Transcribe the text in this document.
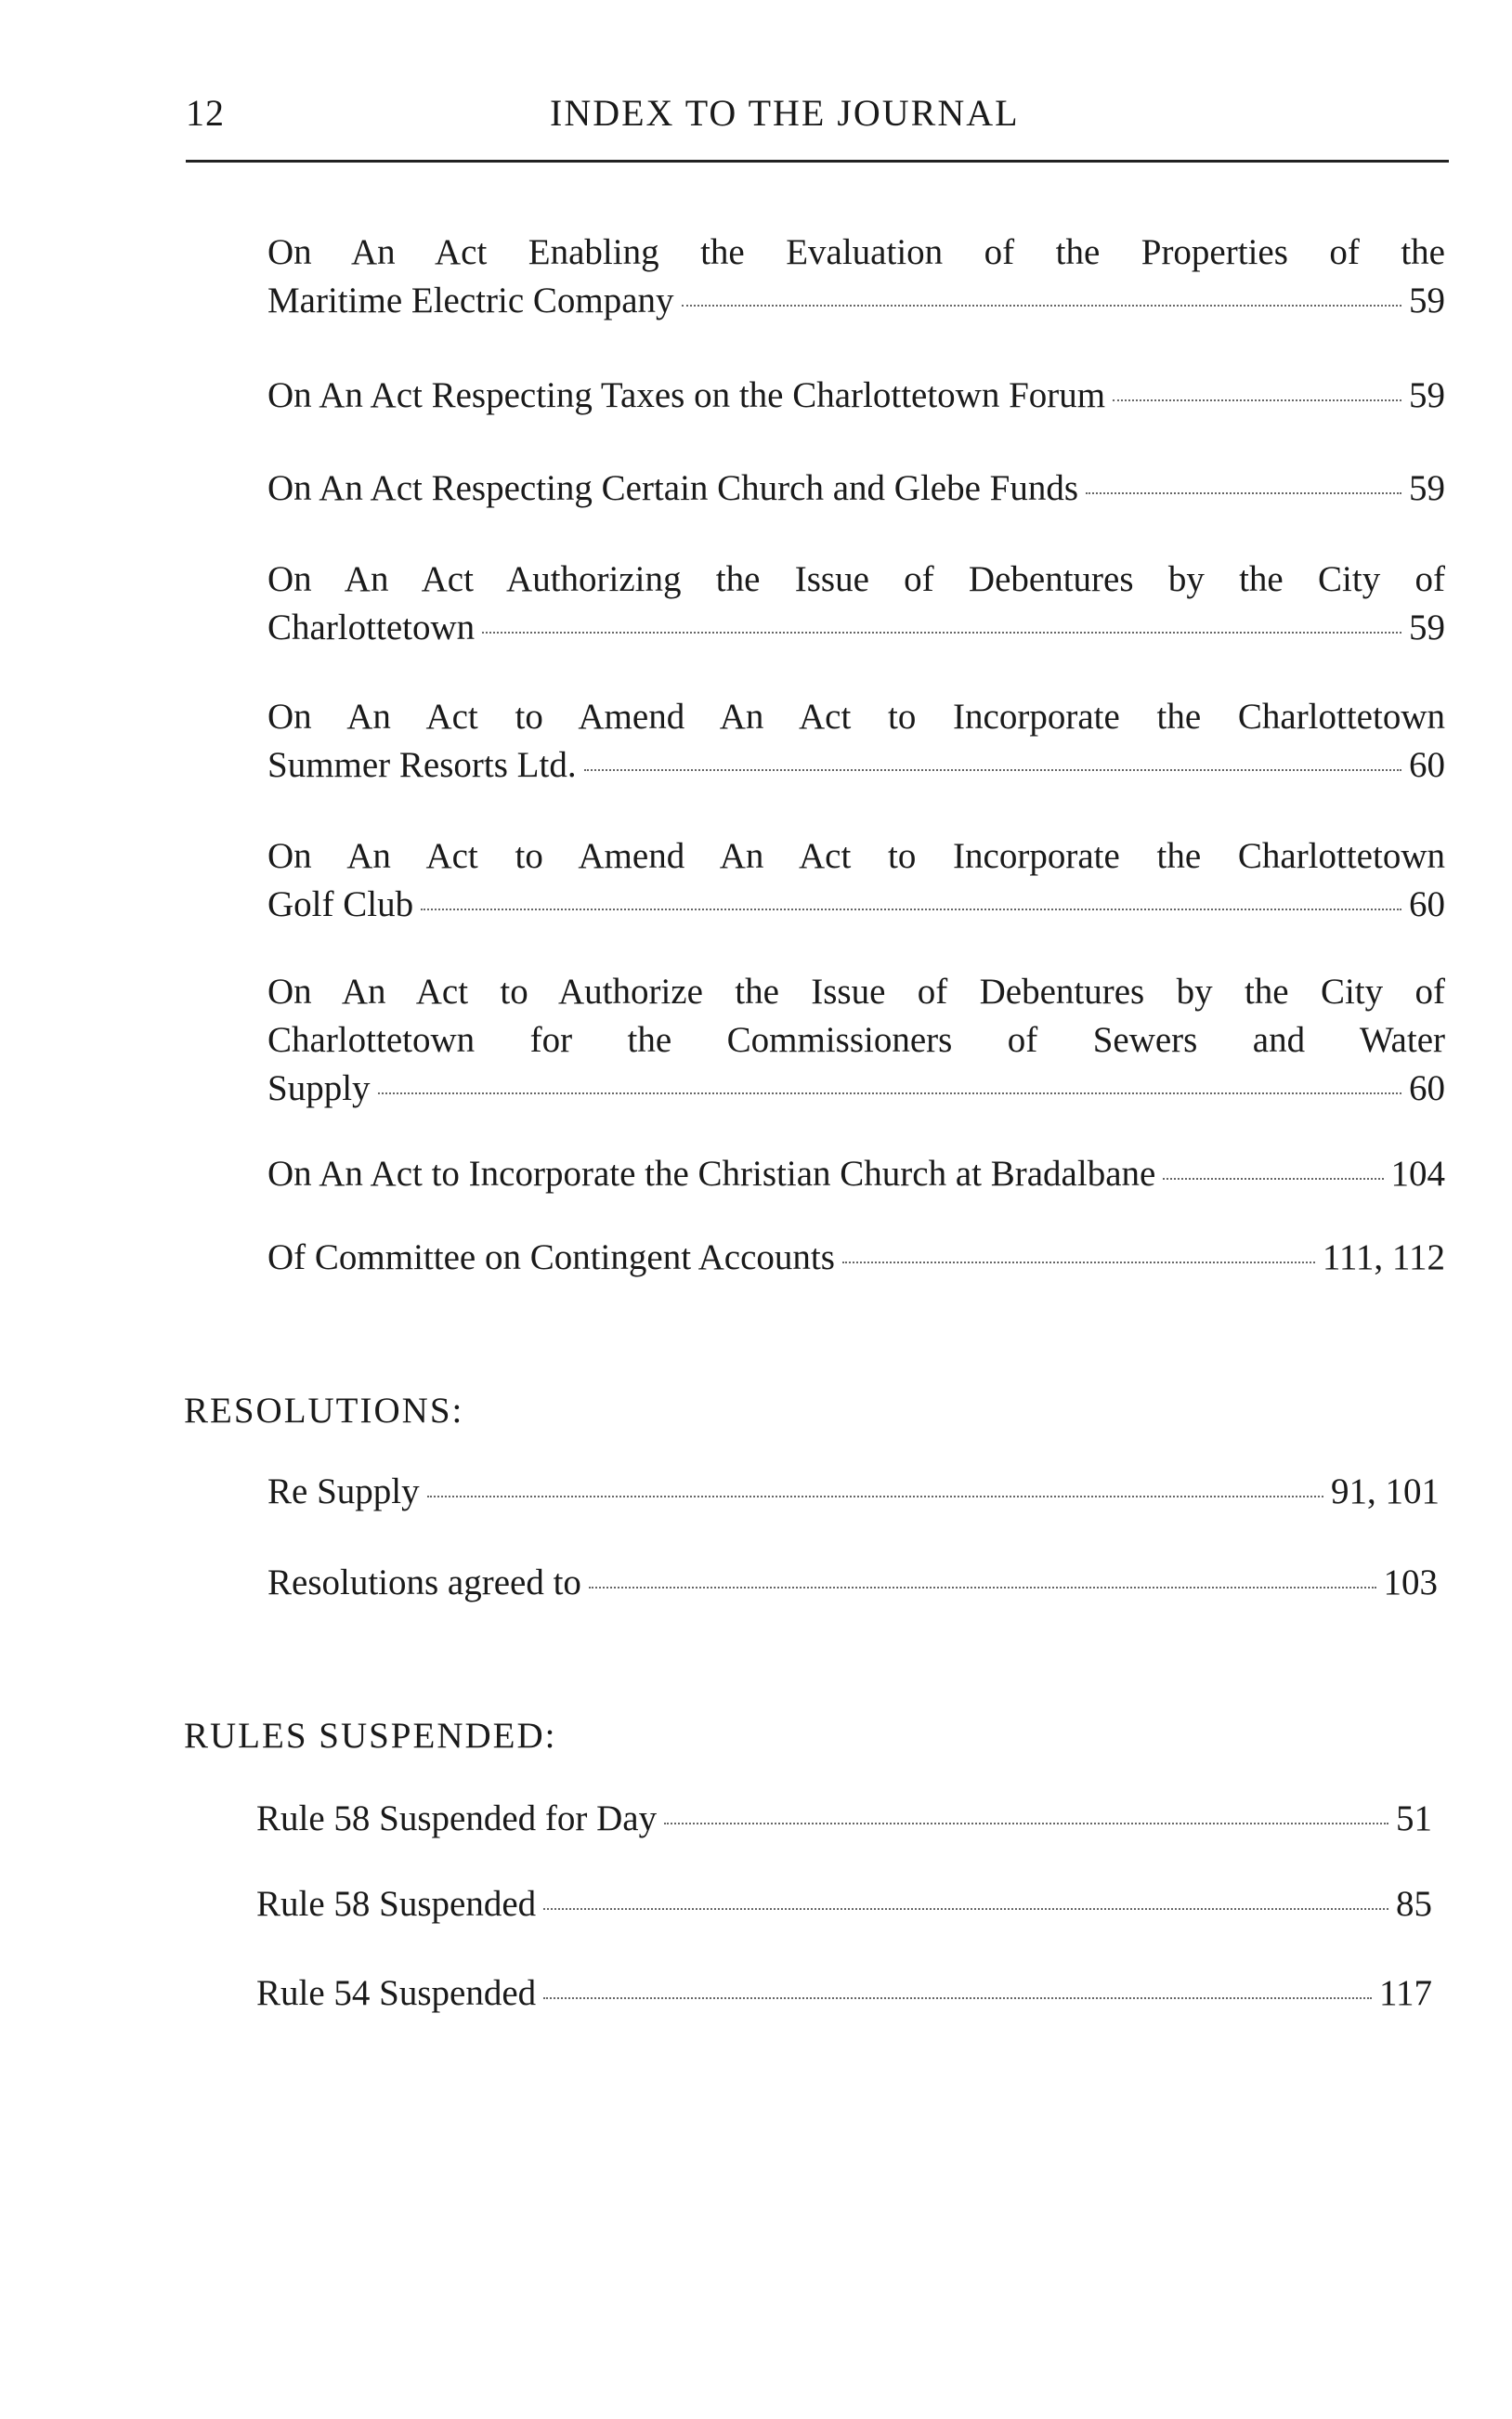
12	INDEX TO THE JOURNAL
On An Act Enabling the Evaluation of the Properties of the
Maritime Electric Company	59
On An Act Respecting Taxes on the Charlottetown Forum	59
On An Act Respecting Certain Church and Glebe Funds	59
On An Act Authorizing the Issue of Debentures by the City of
Charlottetown	59
On An Act to Amend An Act to Incorporate the Charlottetown
Summer Resorts Ltd.	60
On An Act to Amend An Act to Incorporate the Charlottetown
Golf Club	60
On An Act to Authorize the Issue of Debentures by the City of
Charlottetown for the Commissioners of Sewers and Water
Supply	60
On An Act to Incorporate the Christian Church at Bradalbane	104
Of Committee on Contingent Accounts	111, 112
RESOLUTIONS:
Re Supply	91, 101
Resolutions agreed to	103
RULES SUSPENDED:
Rule 58 Suspended for Day	51
Rule 58 Suspended	85
Rule 54 Suspended	117
